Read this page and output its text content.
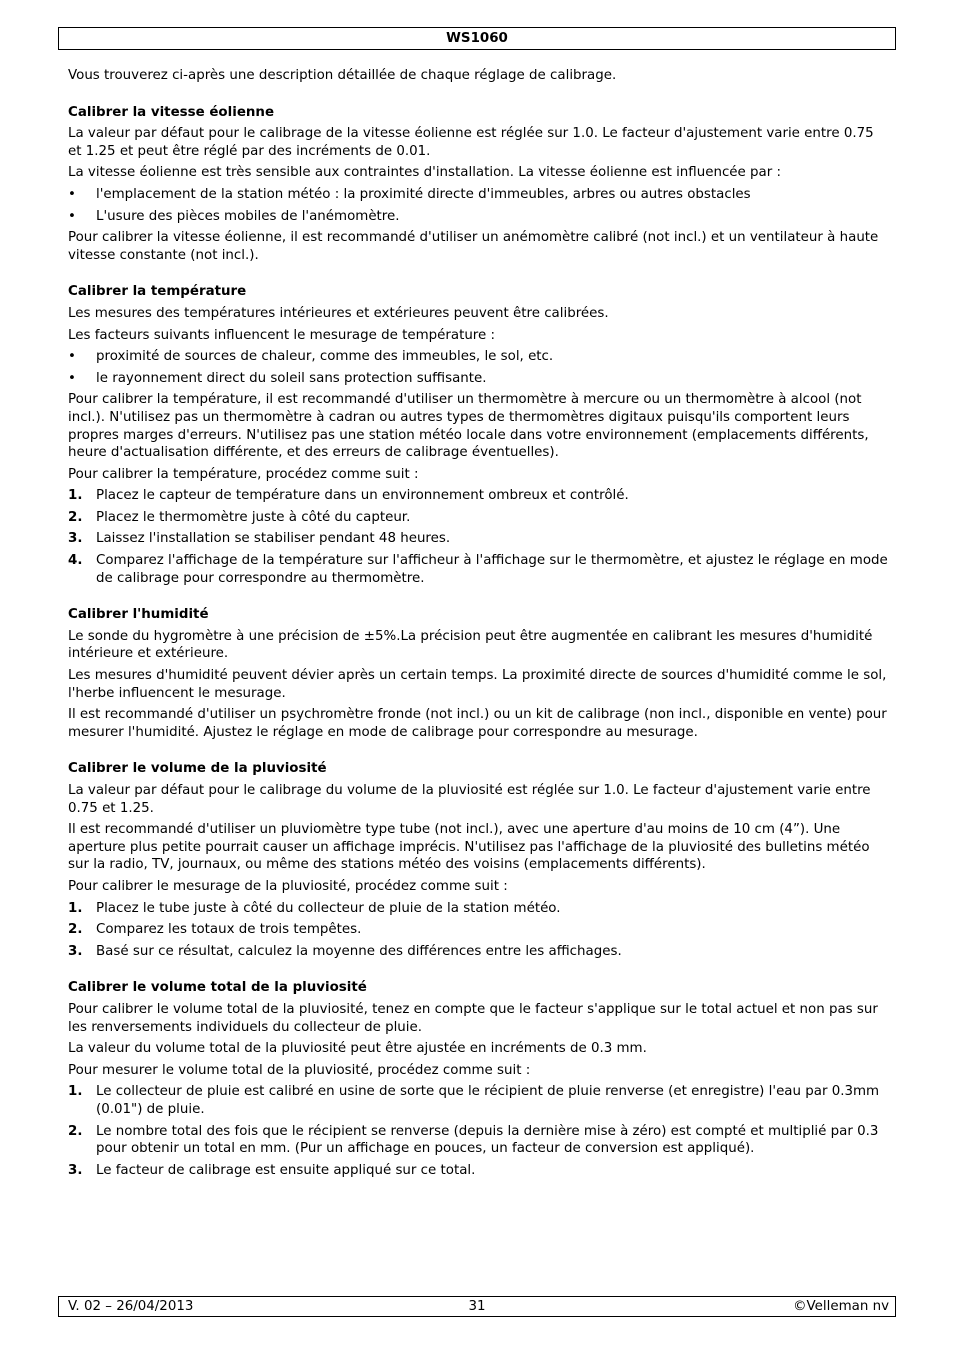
WS1060

Vous trouverez ci-après une description détaillée de chaque réglage de calibrage.

Calibrer la vitesse éolienne

La valeur par défaut pour le calibrage de la vitesse éolienne est réglée sur 1.0. Le facteur d'ajustement varie entre 0.75 et 1.25 et peut être réglé par des incréments de 0.01.

La vitesse éolienne est très sensible aux contraintes d'installation. La vitesse éolienne est influencée par :

• l'emplacement de la station météo : la proximité directe d'immeubles, arbres ou autres obstacles
• L'usure des pièces mobiles de l'anémomètre.

Pour calibrer la vitesse éolienne, il est recommandé d'utiliser un anémomètre calibré (not incl.) et un ventilateur à haute vitesse constante (not incl.).

Calibrer la température

Les mesures des températures intérieures et extérieures peuvent être calibrées.

Les facteurs suivants influencent le mesurage de température :

• proximité de sources de chaleur, comme des immeubles, le sol, etc.
• le rayonnement direct du soleil sans protection suffisante.

Pour calibrer la température, il est recommandé d'utiliser un thermomètre à mercure ou un thermomètre à alcool (not incl.). N'utilisez pas un thermomètre à cadran ou autres types de thermomètres digitaux puisqu'ils comportent leurs propres marges d'erreurs. N'utilisez pas une station météo locale dans votre environnement (emplacements différents, heure d'actualisation différente, et des erreurs de calibrage éventuelles).

Pour calibrer la température, procédez comme suit :

1. Placez le capteur de température dans un environnement ombreux et contrôlé.
2. Placez le thermomètre juste à côté du capteur.
3. Laissez l'installation se stabiliser pendant 48 heures.
4. Comparez l'affichage de la température sur l'afficheur à l'affichage sur le thermomètre, et ajustez le réglage en mode de calibrage pour correspondre au thermomètre.
Calibrer l'humidité

Le sonde du hygromètre à une précision de ±5%.La précision peut être augmentée en calibrant les mesures d'humidité intérieure et extérieure.

Les mesures d'humidité peuvent dévier après un certain temps. La proximité directe de sources d'humidité comme le sol, l'herbe influencent le mesurage.

Il est recommandé d'utiliser un psychromètre fronde (not incl.) ou un kit de calibrage (non incl., disponible en vente) pour mesurer l'humidité. Ajustez le réglage en mode de calibrage pour correspondre au mesurage.

Calibrer le volume de la pluviosité

La valeur par défaut pour le calibrage du volume de la pluviosité est réglée sur 1.0. Le facteur d'ajustement varie entre 0.75 et 1.25.

Il est recommandé d'utiliser un pluviomètre type tube (not incl.), avec une aperture d'au moins de 10 cm (4”). Une aperture plus petite pourrait causer un affichage imprécis. N'utilisez pas l'affichage de la pluviosité des bulletins météo sur la radio, TV, journaux, ou même des stations météo des voisins (emplacements différents).

Pour calibrer le mesurage de la pluviosité, procédez comme suit :

1. Placez le tube juste à côté du collecteur de pluie de la station météo.
2. Comparez les totaux de trois tempêtes.
3. Basé sur ce résultat, calculez la moyenne des différences entre les affichages.
Calibrer le volume total de la pluviosité

Pour calibrer le volume total de la pluviosité, tenez en compte que le facteur s'applique sur le total actuel et non pas sur les renversements individuels du collecteur de pluie.

La valeur du volume total de la pluviosité peut être ajustée en incréments de 0.3 mm.

Pour mesurer le volume total de la pluviosité, procédez comme suit :

1. Le collecteur de pluie est calibré en usine de sorte que le récipient de pluie renverse (et enregistre) l'eau par 0.3mm (0.01") de pluie.
2. Le nombre total des fois que le récipient se renverse (depuis la dernière mise à zéro) est compté et multiplié par 0.3 pour obtenir un total en mm. (Pur un affichage en pouces, un facteur de conversion est appliqué).
3. Le facteur de calibrage est ensuite appliqué sur ce total.
V. 02 – 26/04/2013	31	©Velleman nv
